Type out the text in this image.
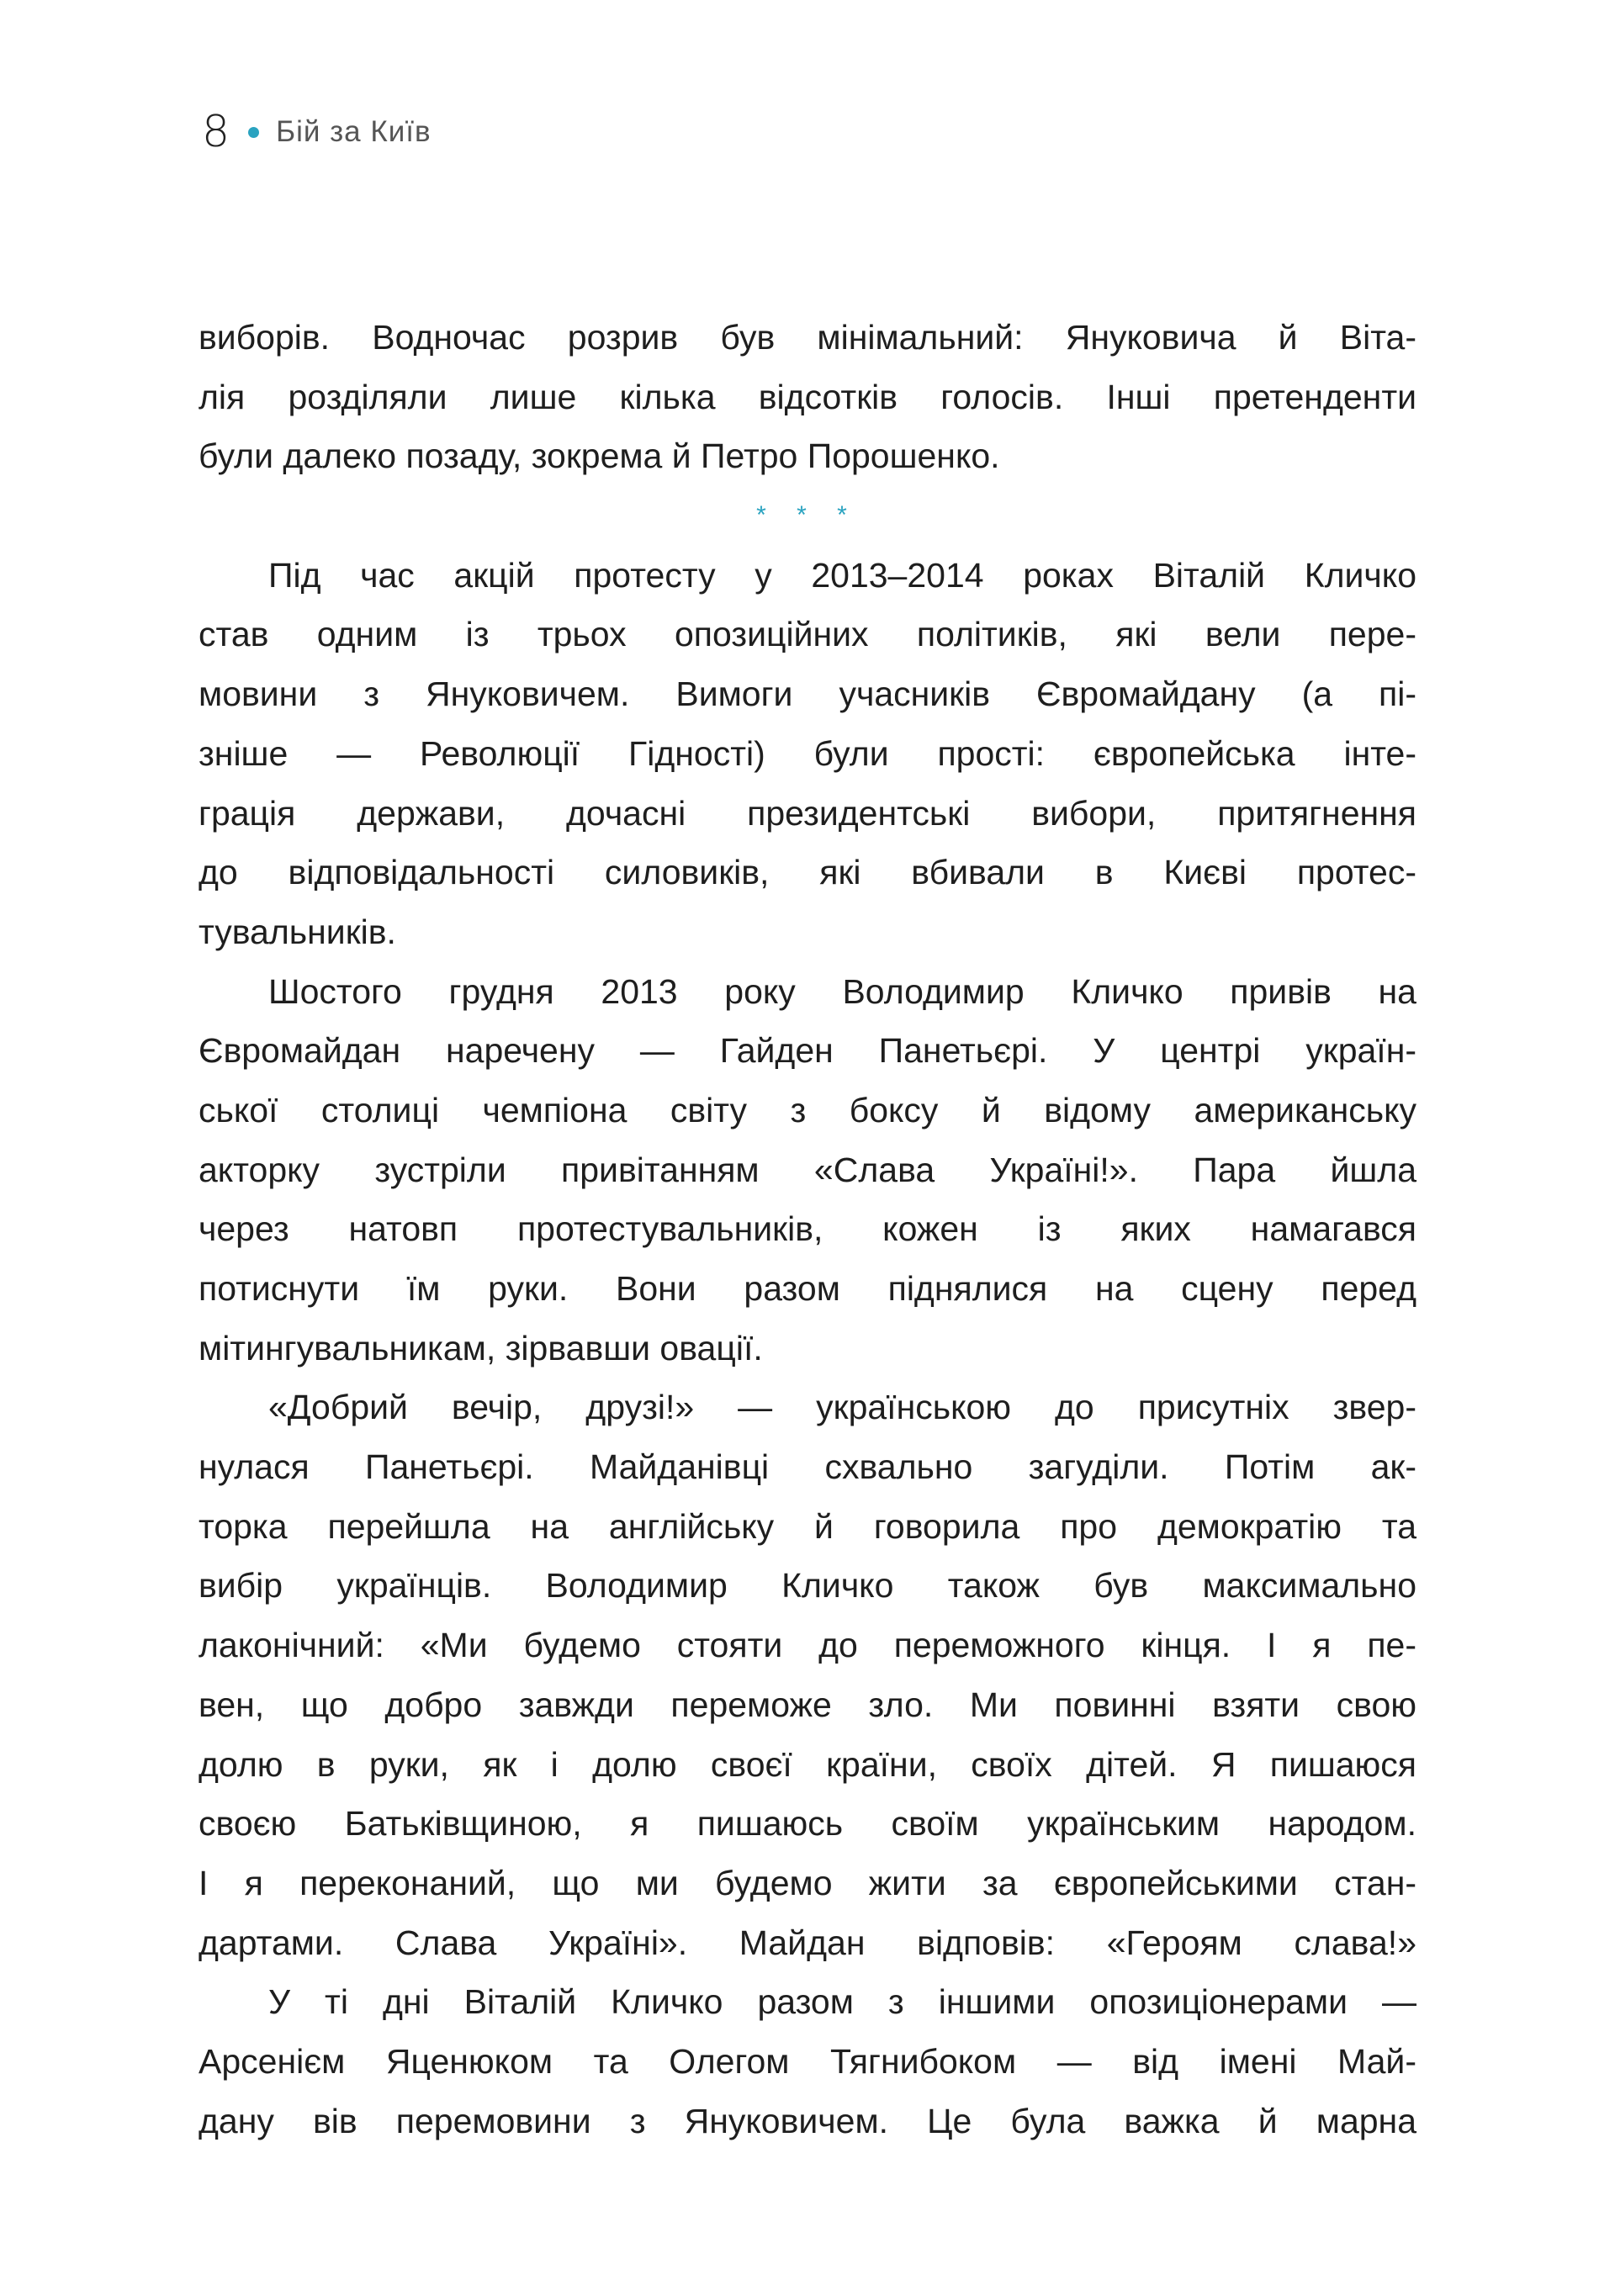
8 Бій за Київ
виборів. Водночас розрив був мінімальний: Януковича й Віта-
лія розділяли лише кілька відсотків голосів. Інші претенденти
були далеко позаду, зокрема й Петро Порошенко.
* * *
Під час акцій протесту у 2013–2014 роках Віталій Кличко
став одним із трьох опозиційних політиків, які вели пере-
мовини з Януковичем. Вимоги учасників Євромайдану (а пі-
зніше — Революції Гідності) були прості: європейська інте-
грація держави, дочасні президентські вибори, притягнення
до відповідальності силовиків, які вбивали в Києві протес-
тувальників.
Шостого грудня 2013 року Володимир Кличко привів на
Євромайдан наречену — Гайден Панетьєрі. У центрі україн-
ської столиці чемпіона світу з боксу й відому американську
акторку зустріли привітанням «Слава Україні!». Пара йшла
через натовп протестувальників, кожен із яких намагався
потиснути їм руки. Вони разом піднялися на сцену перед
мітингувальникам, зірвавши овації.
«Добрий вечір, друзі!» — українською до присутніх звер-
нулася Панетьєрі. Майданівці схвально загуділи. Потім ак-
торка перейшла на англійську й говорила про демократію та
вибір українців. Володимир Кличко також був максимально
лаконічний: «Ми будемо стояти до переможного кінця. І я пе-
вен, що добро завжди переможе зло. Ми повинні взяти свою
долю в руки, як і долю своєї країни, своїх дітей. Я пишаюся
своєю Батьківщиною, я пишаюсь своїм українським народом.
І я переконаний, що ми будемо жити за європейськими стан-
дартами. Слава Україні». Майдан відповів: «Героям слава!»
У ті дні Віталій Кличко разом з іншими опозиціонерами —
Арсенієм Яценюком та Олегом Тягнибоком — від імені Май-
дану вів перемовини з Януковичем. Це була важка й марна
